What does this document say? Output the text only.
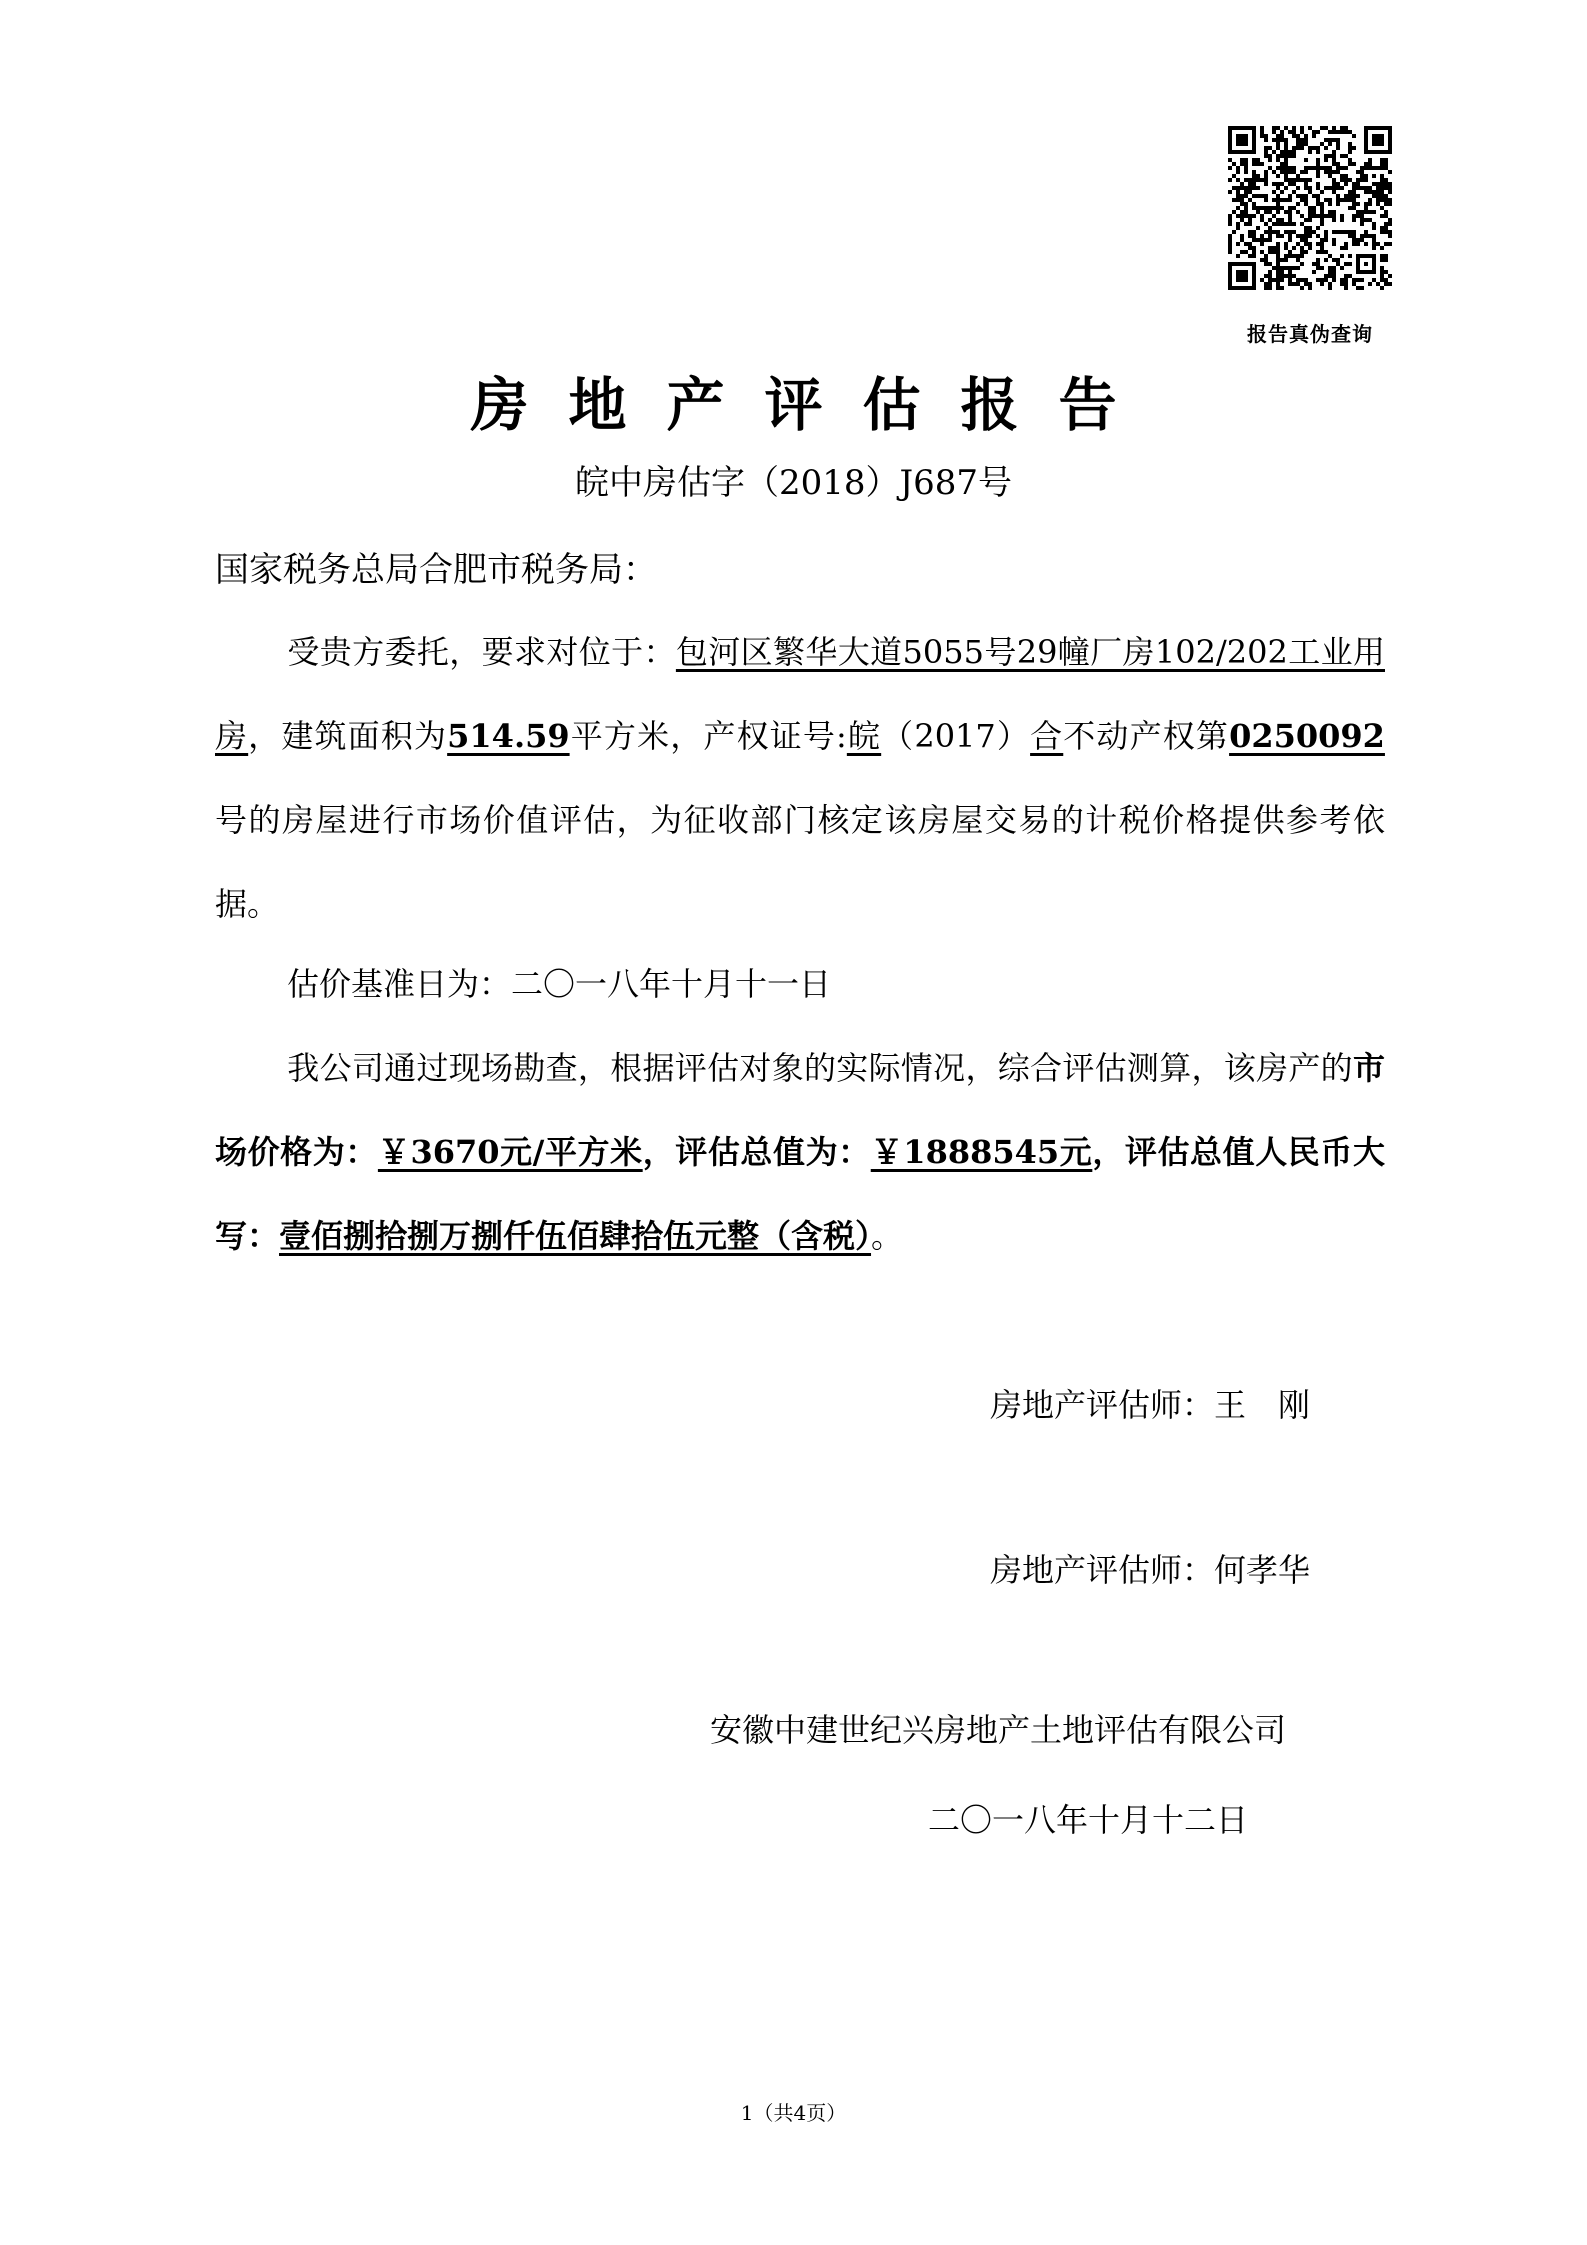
报告真伪查询
房地产评估报告
皖中房估字（2018）J687号
国家税务总局合肥市税务局：
受贵方委托，要求对位于：包河区繁华大道5055号29幢厂房102/202工业用房，建筑面积为514.59平方米，产权证号:皖（2017）合不动产权第0250092号的房屋进行市场价值评估，为征收部门核定该房屋交易的计税价格提供参考依据。
估价基准日为：二〇一八年十月十一日
我公司通过现场勘查，根据评估对象的实际情况，综合评估测算，该房产的市场价格为：￥3670元/平方米，评估总值为：￥1888545元，评估总值人民币大写：壹佰捌拾捌万捌仟伍佰肆拾伍元整（含税）。
房地产评估师：王　刚
房地产评估师：何孝华
安徽中建世纪兴房地产土地评估有限公司
二〇一八年十月十二日
1（共4页）
